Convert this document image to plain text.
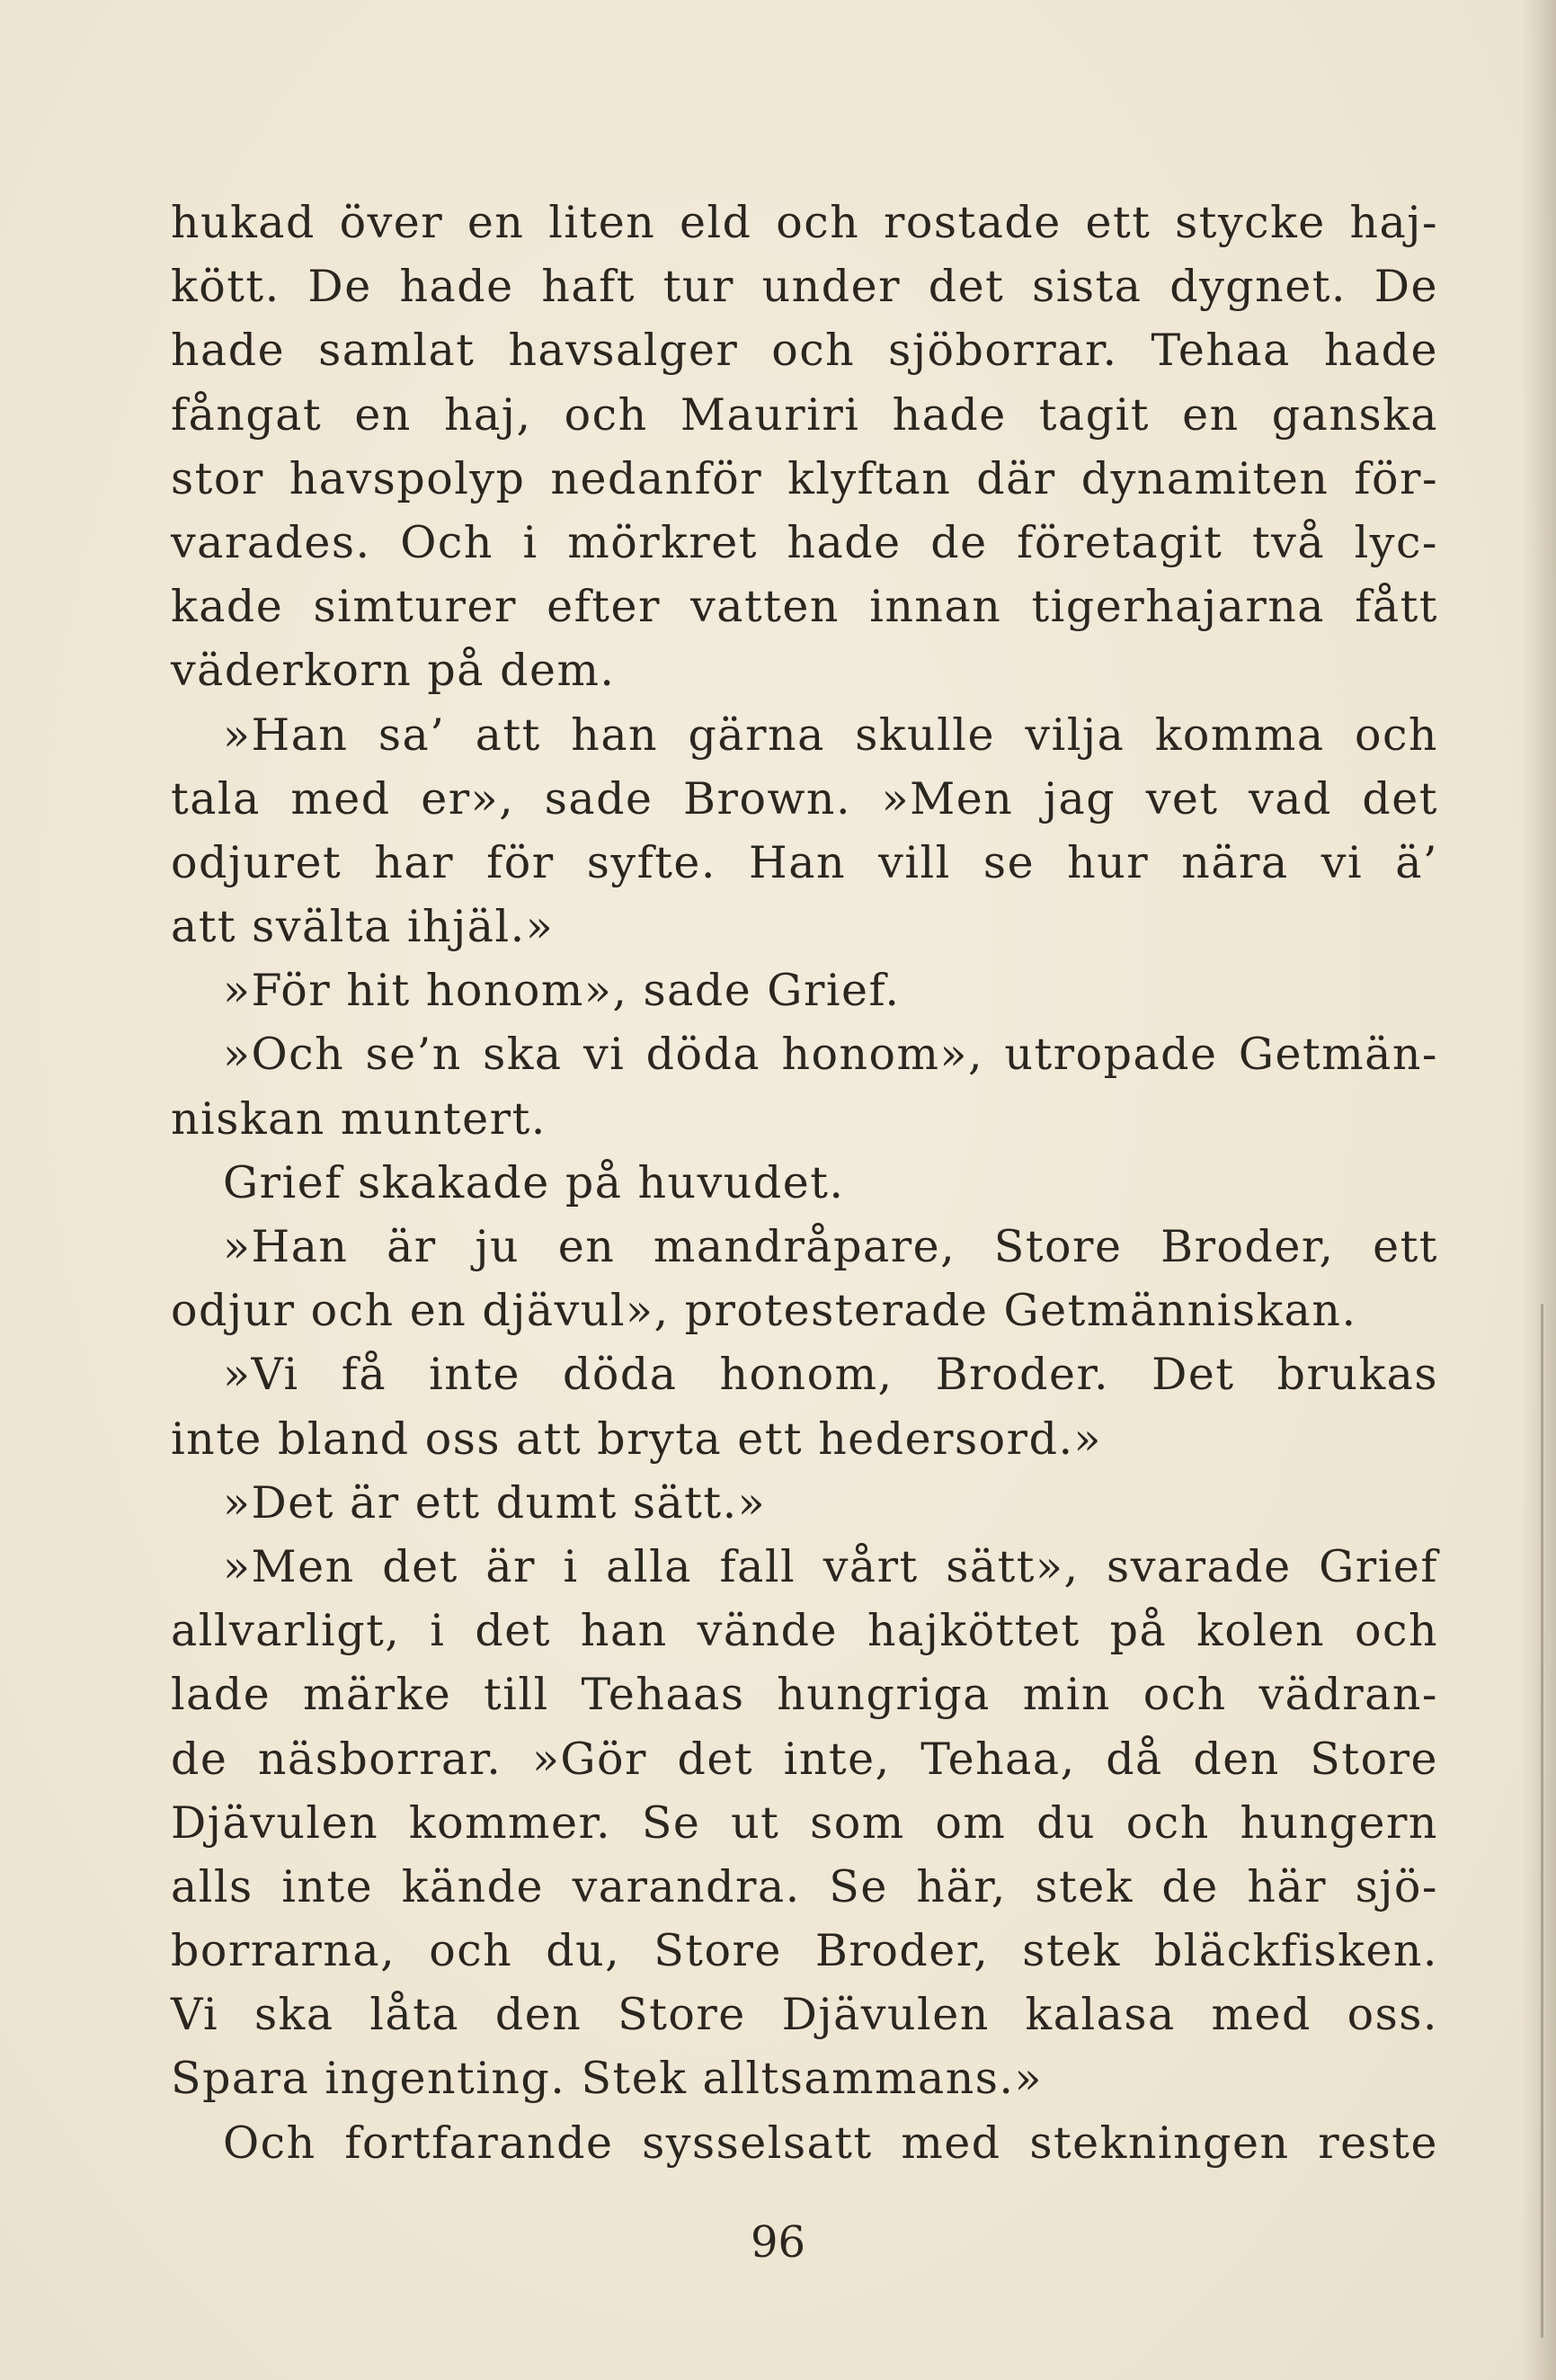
hukad över en liten eld och rostade ett stycke haj-
kött. De hade haft tur under det sista dygnet. De
hade samlat havsalger och sjöborrar. Tehaa hade
fångat en haj, och Mauriri hade tagit en ganska
stor havspolyp nedanför klyftan där dynamiten för-
varades. Och i mörkret hade de företagit två lyc-
kade simturer efter vatten innan tigerhajarna fått
väderkorn på dem.
»Han sa’ att han gärna skulle vilja komma och
tala med er», sade Brown. »Men jag vet vad det
odjuret har för syfte. Han vill se hur nära vi ä’
att svälta ihjäl.»
»För hit honom», sade Grief.
»Och se’n ska vi döda honom», utropade Getmän-
niskan muntert.
Grief skakade på huvudet.
»Han är ju en mandråpare, Store Broder, ett
odjur och en djävul», protesterade Getmänniskan.
»Vi få inte döda honom, Broder. Det brukas
inte bland oss att bryta ett hedersord.»
»Det är ett dumt sätt.»
»Men det är i alla fall vårt sätt», svarade Grief
allvarligt, i det han vände hajköttet på kolen och
lade märke till Tehaas hungriga min och vädran-
de näsborrar. »Gör det inte, Tehaa, då den Store
Djävulen kommer. Se ut som om du och hungern
alls inte kände varandra. Se här, stek de här sjö-
borrarna, och du, Store Broder, stek bläckfisken.
Vi ska låta den Store Djävulen kalasa med oss.
Spara ingenting. Stek alltsammans.»
Och fortfarande sysselsatt med stekningen reste
96
